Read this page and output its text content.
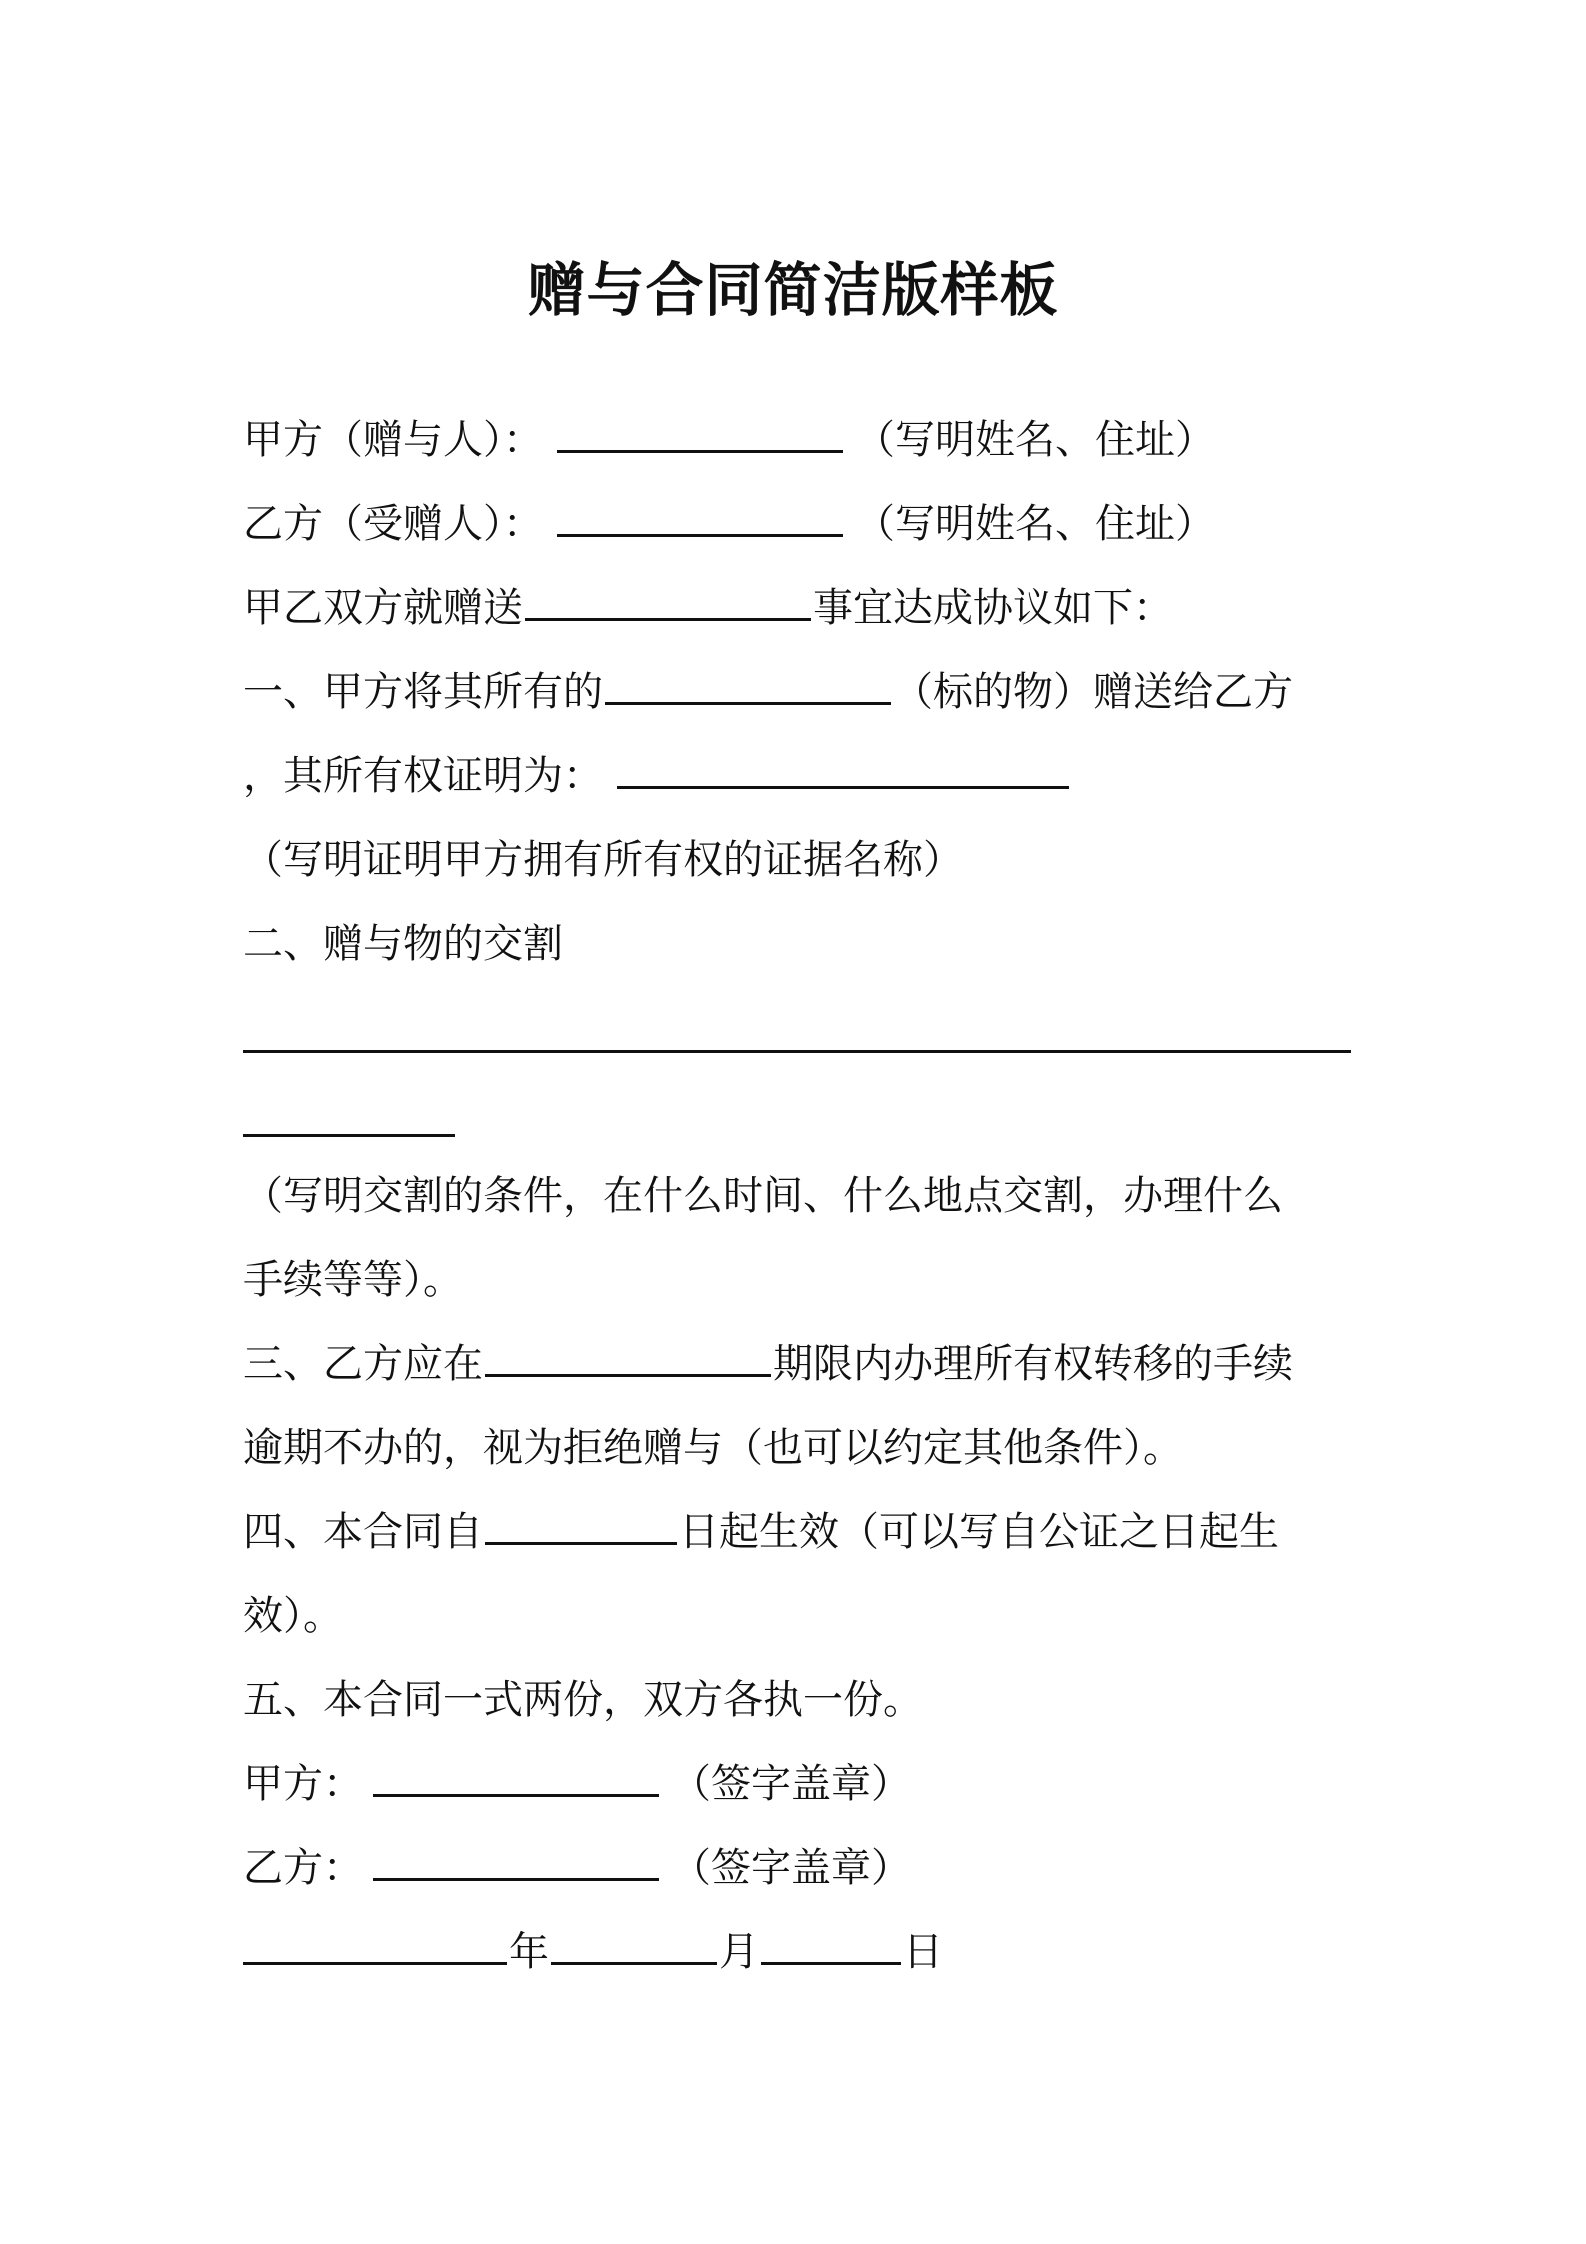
赠与合同简洁版样板
甲方（赠与人）：	（写明姓名、住址）
乙方（受赠人）：	（写明姓名、住址）
甲乙双方就赠送	事宜达成协议如下：
一、甲方将其所有的	（标的物）赠送给乙方
，其所有权证明为：
（写明证明甲方拥有所有权的证据名称）
二、赠与物的交割
（写明交割的条件，在什么时间、什么地点交割，办理什么
手续等等）。
三、乙方应在	期限内办理所有权转移的手续
逾期不办的，视为拒绝赠与（也可以约定其他条件）。
四、本合同自	日起生效（可以写自公证之日起生
效）。
五、本合同一式两份，双方各执一份。
甲方：	（签字盖章）
乙方：	（签字盖章）
年	月	日
